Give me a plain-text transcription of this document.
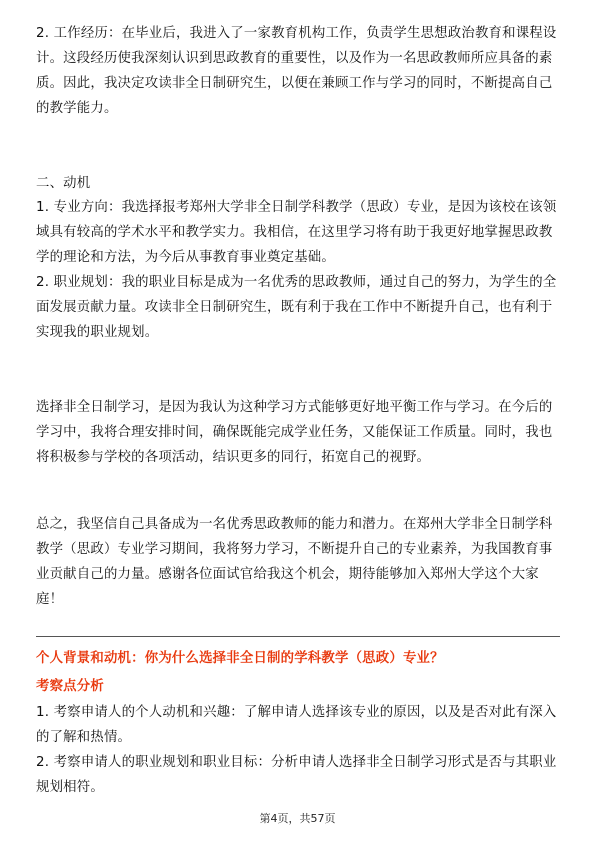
2. 工作经历：在毕业后，我进入了一家教育机构工作，负责学生思想政治教育和课程设计。这段经历使我深刻认识到思政教育的重要性，以及作为一名思政教师所应具备的素质。因此，我决定攻读非全日制研究生，以便在兼顾工作与学习的同时，不断提高自己的教学能力。

二、动机

1. 专业方向：我选择报考郑州大学非全日制学科教学（思政）专业，是因为该校在该领域具有较高的学术水平和教学实力。我相信，在这里学习将有助于我更好地掌握思政教学的理论和方法，为今后从事教育事业奠定基础。

2. 职业规划：我的职业目标是成为一名优秀的思政教师，通过自己的努力，为学生的全面发展贡献力量。攻读非全日制研究生，既有利于我在工作中不断提升自己，也有利于实现我的职业规划。

选择非全日制学习，是因为我认为这种学习方式能够更好地平衡工作与学习。在今后的学习中，我将合理安排时间，确保既能完成学业任务，又能保证工作质量。同时，我也将积极参与学校的各项活动，结识更多的同行，拓宽自己的视野。

总之，我坚信自己具备成为一名优秀思政教师的能力和潜力。在郑州大学非全日制学科教学（思政）专业学习期间，我将努力学习，不断提升自己的专业素养，为我国教育事业贡献自己的力量。感谢各位面试官给我这个机会，期待能够加入郑州大学这个大家庭！

个人背景和动机：你为什么选择非全日制的学科教学（思政）专业？

考察点分析

1. 考察申请人的个人动机和兴趣：了解申请人选择该专业的原因，以及是否对此有深入的了解和热情。

2. 考察申请人的职业规划和职业目标：分析申请人选择非全日制学习形式是否与其职业规划相符。

第4页，共57页
